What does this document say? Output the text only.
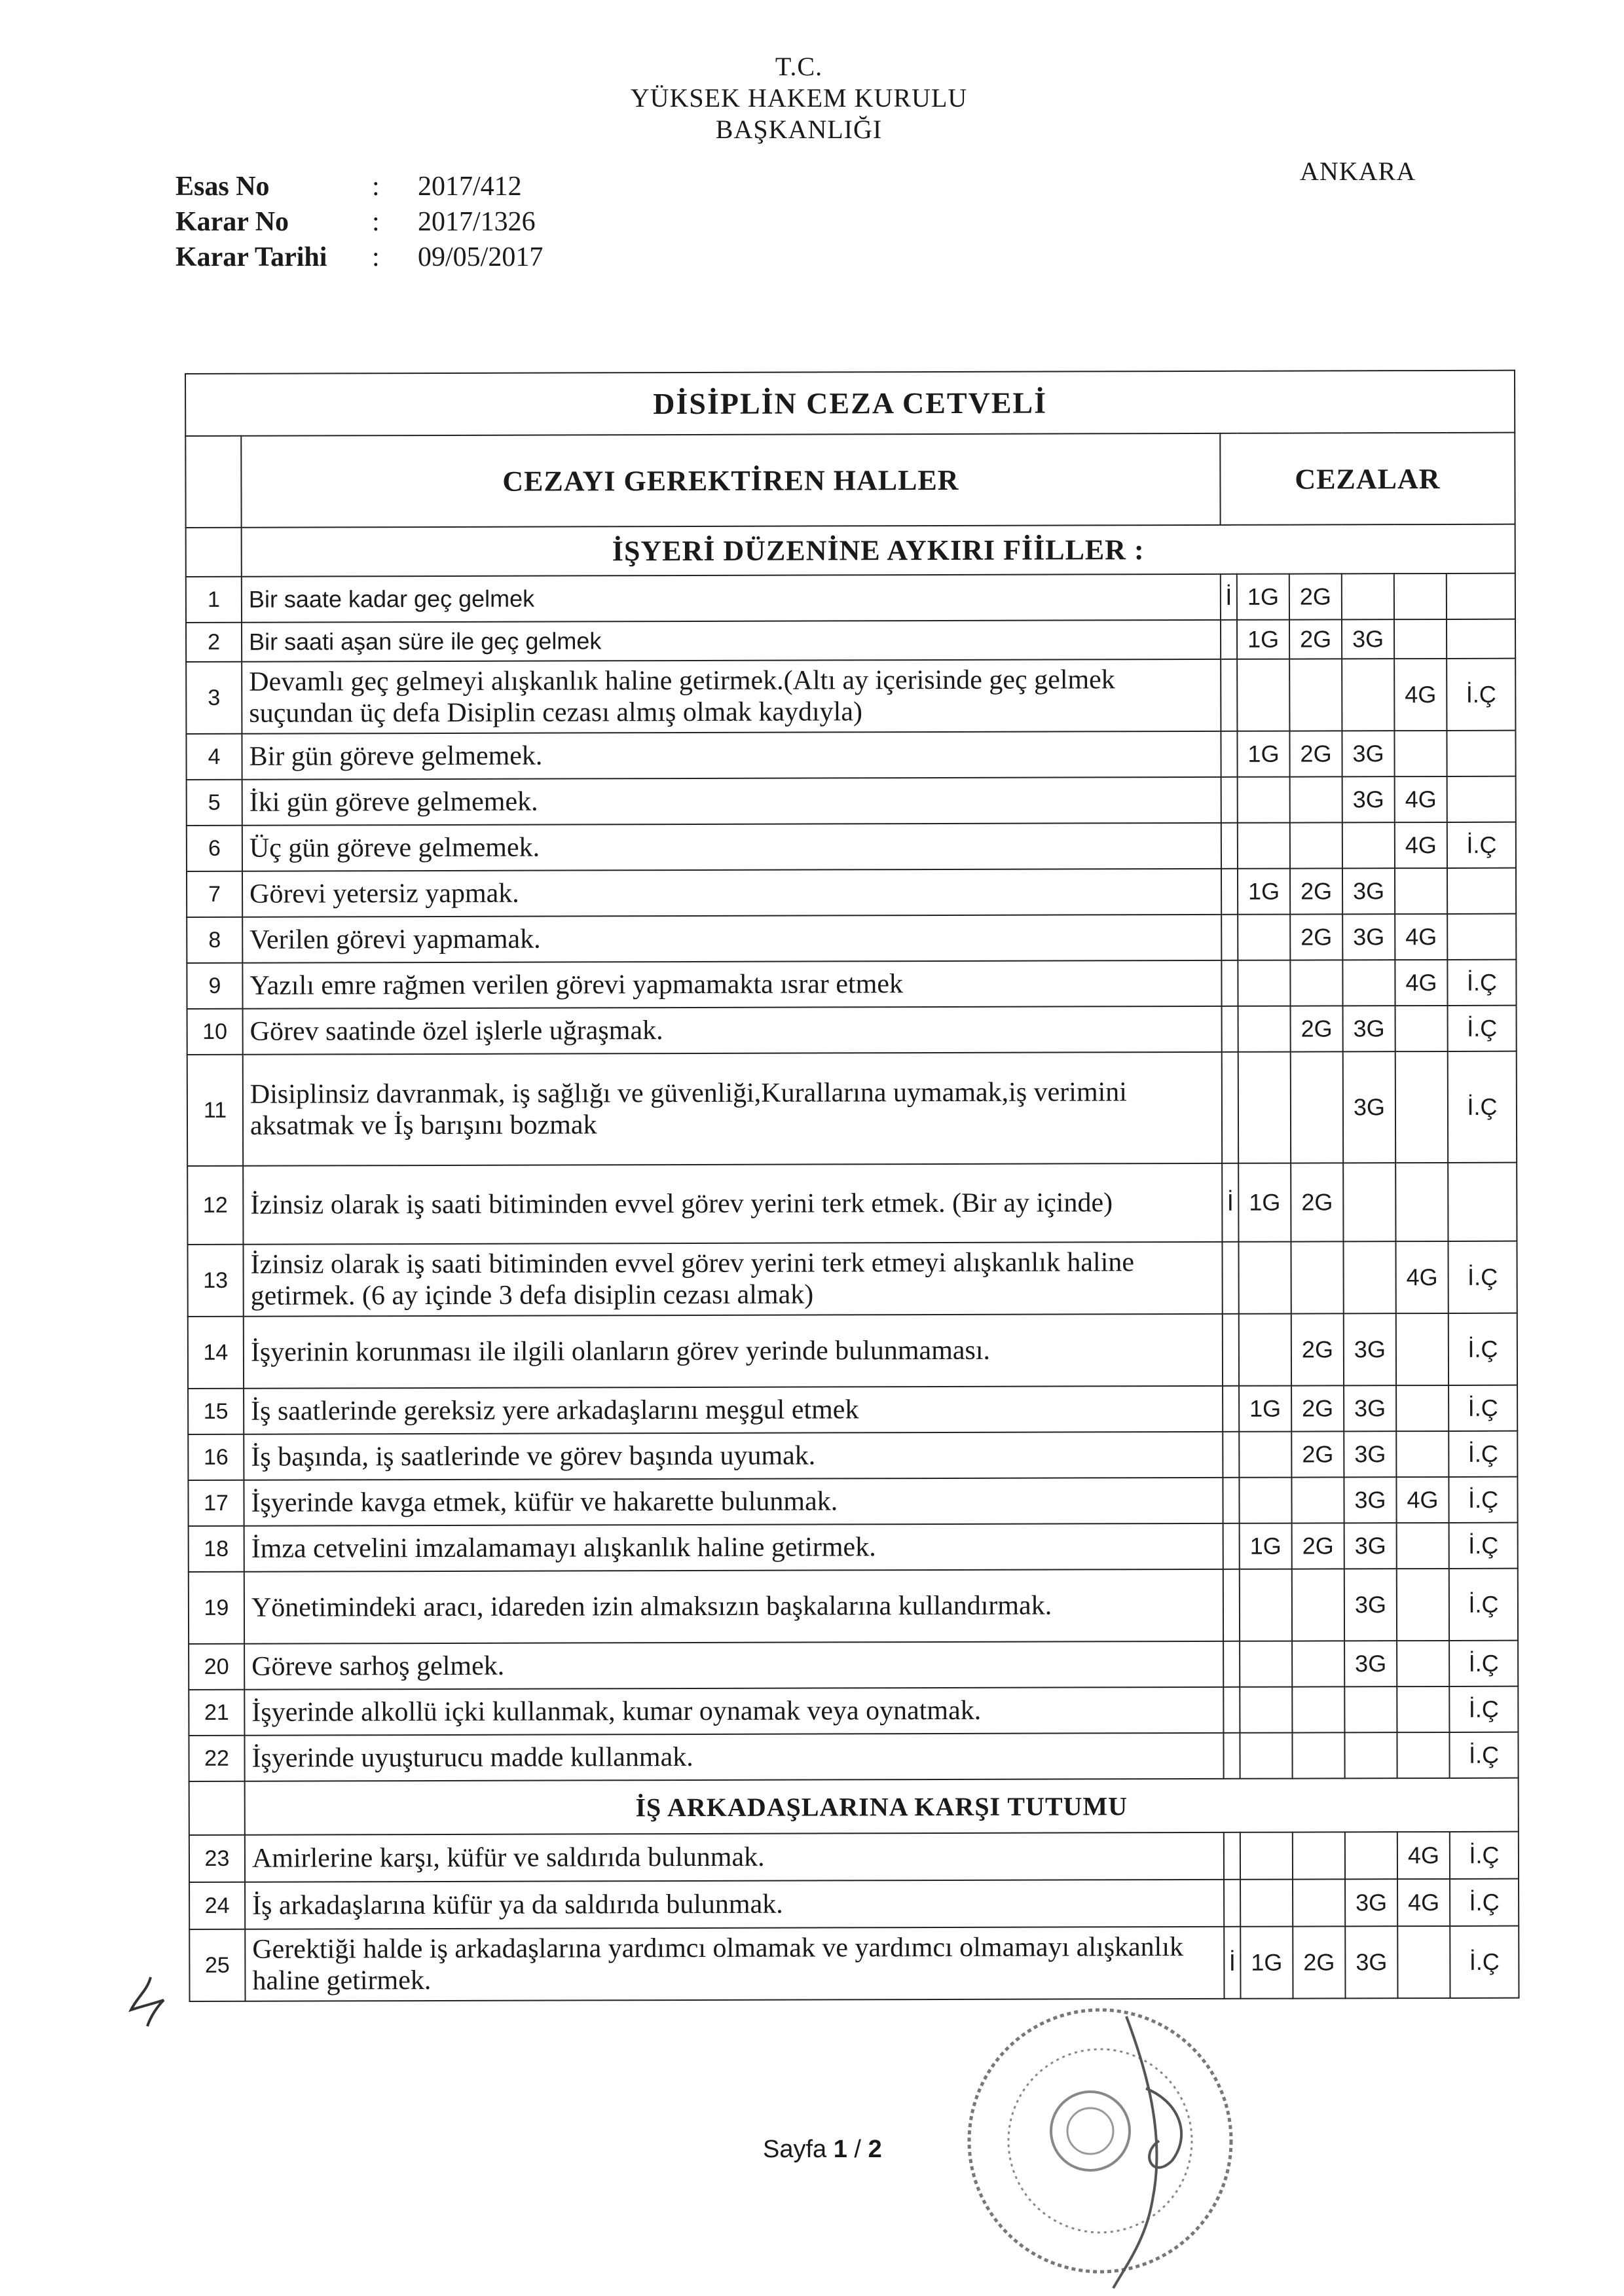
T.C.
YÜKSEK HAKEM KURULU
BAŞKANLIĞI
ANKARA
Esas No	:	2017/412
Karar No	:	2017/1326
Karar Tarihi	:	09/05/2017
DİSİPLİN CEZA CETVELİ							
	CEZAYI GEREKTİREN HALLER	CEZALAR					
	İŞYERİ DÜZENİNE AYKIRI FİİLLER :						
1	Bir saate kadar geç gelmek	İ	1G	2G			
2	Bir saati aşan süre ile geç gelmek		1G	2G	3G		
3	Devamlı geç gelmeyi alışkanlık haline getirmek.(Altı ay içerisinde geç gelmek suçundan üç defa Disiplin cezası almış olmak kaydıyla)					4G	İ.Ç
4	Bir gün göreve gelmemek.		1G	2G	3G		
5	İki gün göreve gelmemek.				3G	4G	
6	Üç gün göreve gelmemek.					4G	İ.Ç
7	Görevi yetersiz yapmak.		1G	2G	3G		
8	Verilen görevi yapmamak.			2G	3G	4G	
9	Yazılı emre rağmen verilen görevi yapmamakta ısrar etmek					4G	İ.Ç
10	Görev saatinde özel işlerle uğraşmak.			2G	3G		İ.Ç
11	Disiplinsiz davranmak, iş sağlığı ve güvenliği,Kurallarına uymamak,iş verimini aksatmak ve İş barışını bozmak				3G		İ.Ç
12	İzinsiz olarak iş saati bitiminden evvel görev yerini terk etmek. (Bir ay içinde)	İ	1G	2G			
13	İzinsiz olarak iş saati bitiminden evvel görev yerini terk etmeyi alışkanlık haline getirmek. (6 ay içinde 3 defa disiplin cezası almak)					4G	İ.Ç
14	İşyerinin korunması ile ilgili olanların görev yerinde bulunmaması.			2G	3G		İ.Ç
15	İş saatlerinde gereksiz yere arkadaşlarını meşgul etmek		1G	2G	3G		İ.Ç
16	İş başında, iş saatlerinde ve görev başında uyumak.			2G	3G		İ.Ç
17	İşyerinde kavga etmek, küfür ve hakarette bulunmak.				3G	4G	İ.Ç
18	İmza cetvelini imzalamamayı alışkanlık haline getirmek.		1G	2G	3G		İ.Ç
19	Yönetimindeki aracı, idareden izin almaksızın başkalarına kullandırmak.				3G		İ.Ç
20	Göreve sarhoş gelmek.				3G		İ.Ç
21	İşyerinde alkollü içki kullanmak, kumar oynamak veya oynatmak.						İ.Ç
22	İşyerinde uyuşturucu madde kullanmak.						İ.Ç
	İŞ ARKADAŞLARINA KARŞI TUTUMU						
23	Amirlerine karşı, küfür ve saldırıda bulunmak.					4G	İ.Ç
24	İş arkadaşlarına küfür ya da saldırıda bulunmak.				3G	4G	İ.Ç
25	Gerektiği halde iş arkadaşlarına yardımcı olmamak ve yardımcı olmamayı alışkanlık haline getirmek.	İ	1G	2G	3G		İ.Ç
Sayfa 1 / 2
